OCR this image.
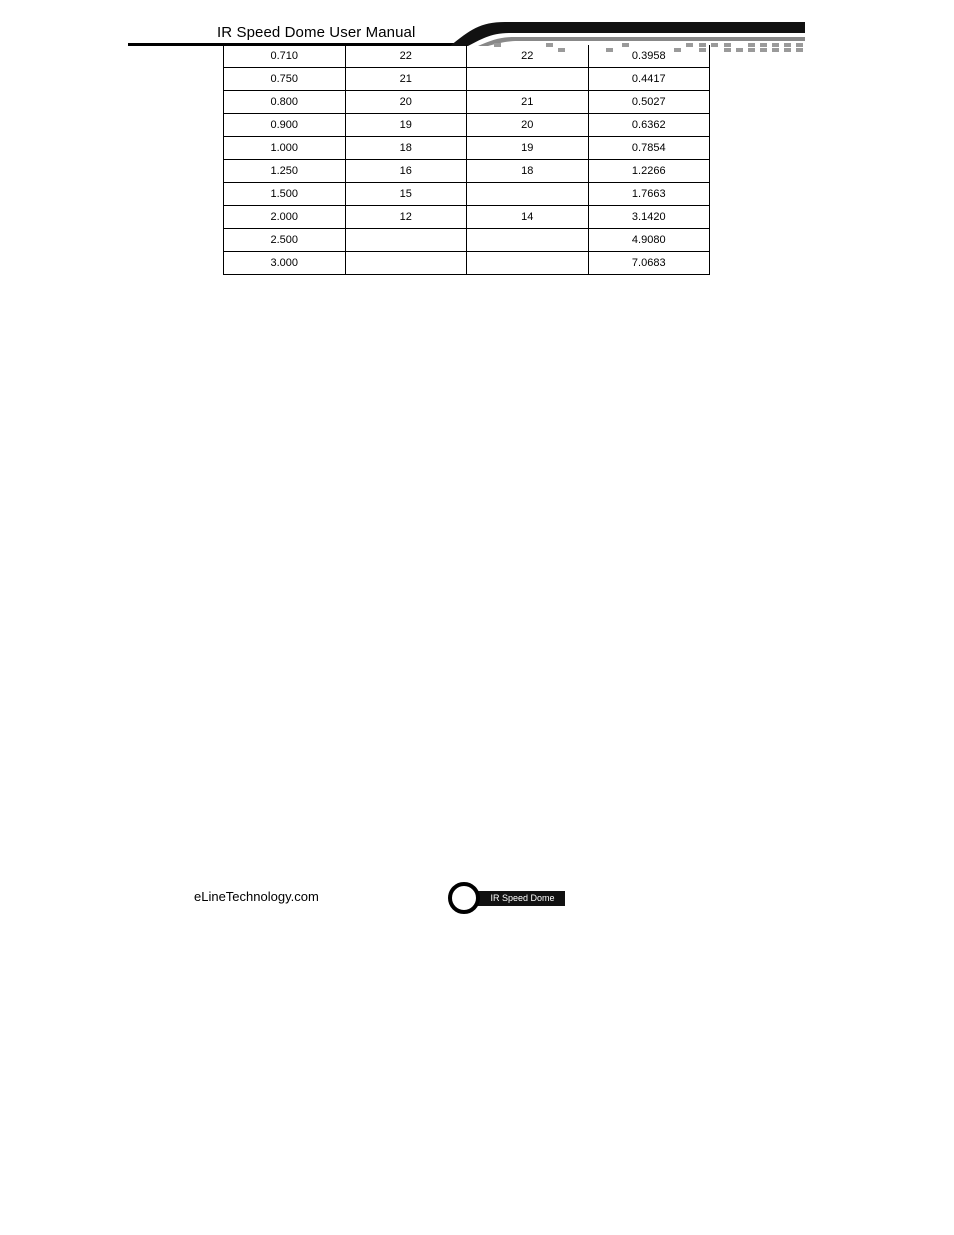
IR Speed Dome User Manual
0.710	22	22	0.3958
0.750	21		0.4417
0.800	20	21	0.5027
0.900	19	20	0.6362
1.000	18	19	0.7854
1.250	16	18	1.2266
1.500	15		1.7663
2.000	12	14	3.1420
2.500			4.9080
3.000			7.0683
eLineTechnology.com	IR Speed Dome
